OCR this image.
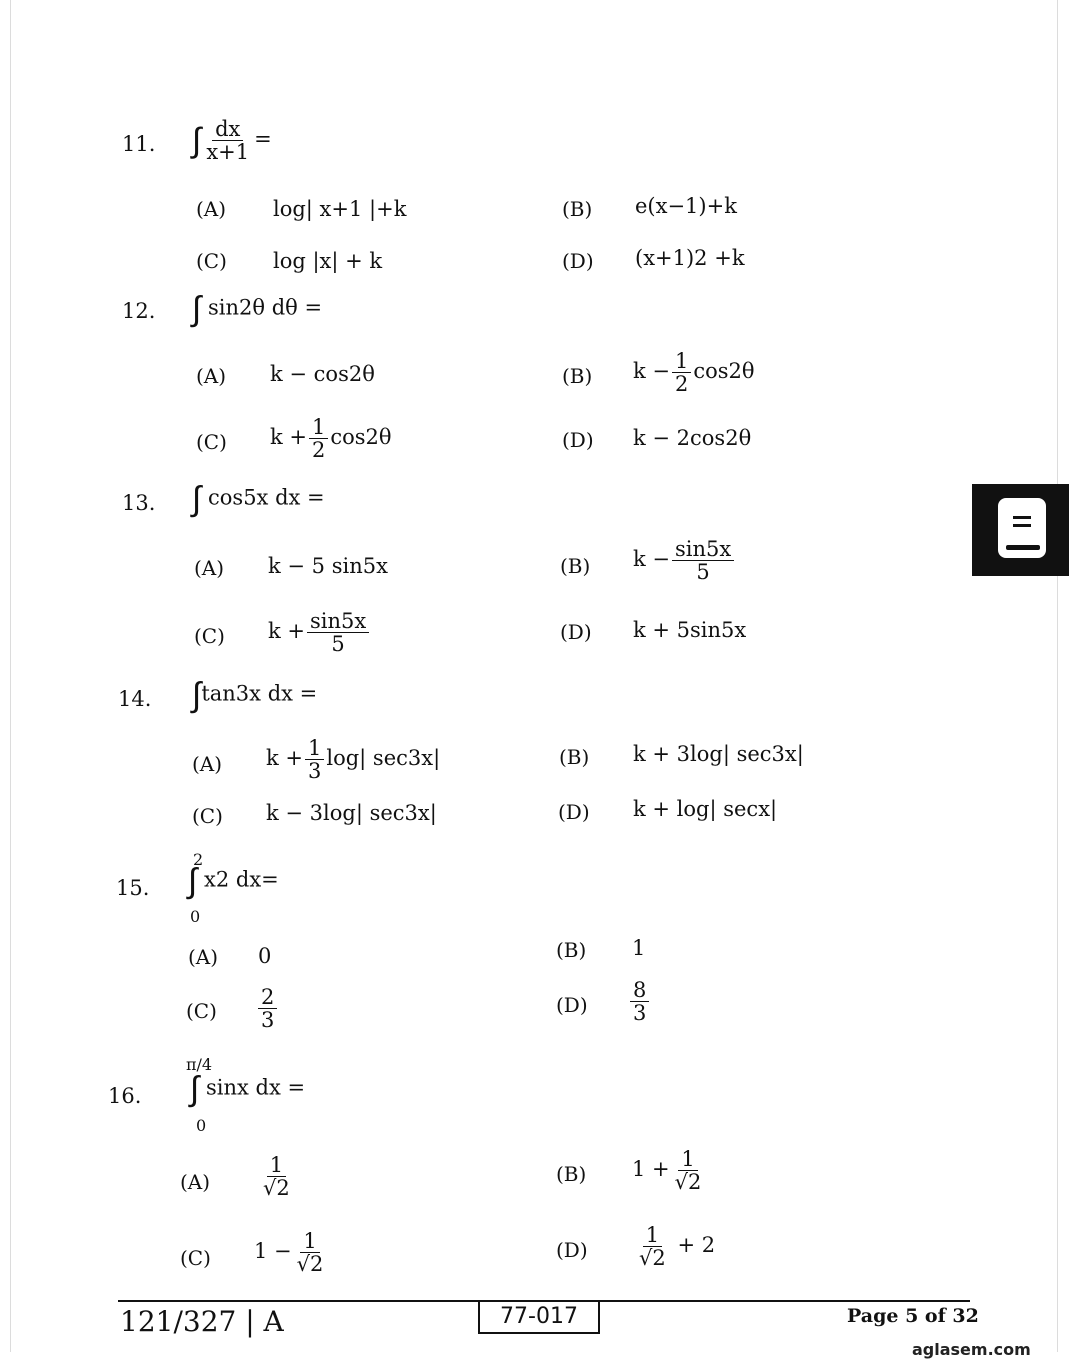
11. ∫ $\frac{dx}{x+1}$ =
(A) log| x+1 |+k	(B) e(x−1)+k
(C) log |x| + k	(D) (x+1)2 +k
12. ∫ sin2θ dθ =
(A) k − cos2θ	(B) $k - \frac{1}{2} \cos 2\theta$
(C) $k + \frac{1}{2} \cos 2\theta$	(D) k − 2cos2θ
13. ∫ cos5x dx =
(A) k − 5 sin5x	(B) $k - \frac{\sin 5x}{5}$
(C) $k + \frac{\sin 5x}{5}$	(D) k + 5sin5x
14. ∫tan3x dx =
(A) $k + \frac{1}{3} \log|$ sec3x|	(B) k + 3log| sec3x|
(C) k − 3log| sec3x|	(D) k + log| secx|
15.
2
∫ x2 dx=
0
(A) 0	(B) 1
$(C) \frac{2}{3}$	$(D) \frac{8}{3}$
16.
π/4
∫ sinx dx =
0
$(A) \frac{1}{√2}$	(B) $1 + \frac{1}{√2}$
(C) $1 - \frac{1}{√2}$	$(D) \frac{1}{√2} + 2$
121/327 | A	77-017	Page 5 of 32
aglasem.com
